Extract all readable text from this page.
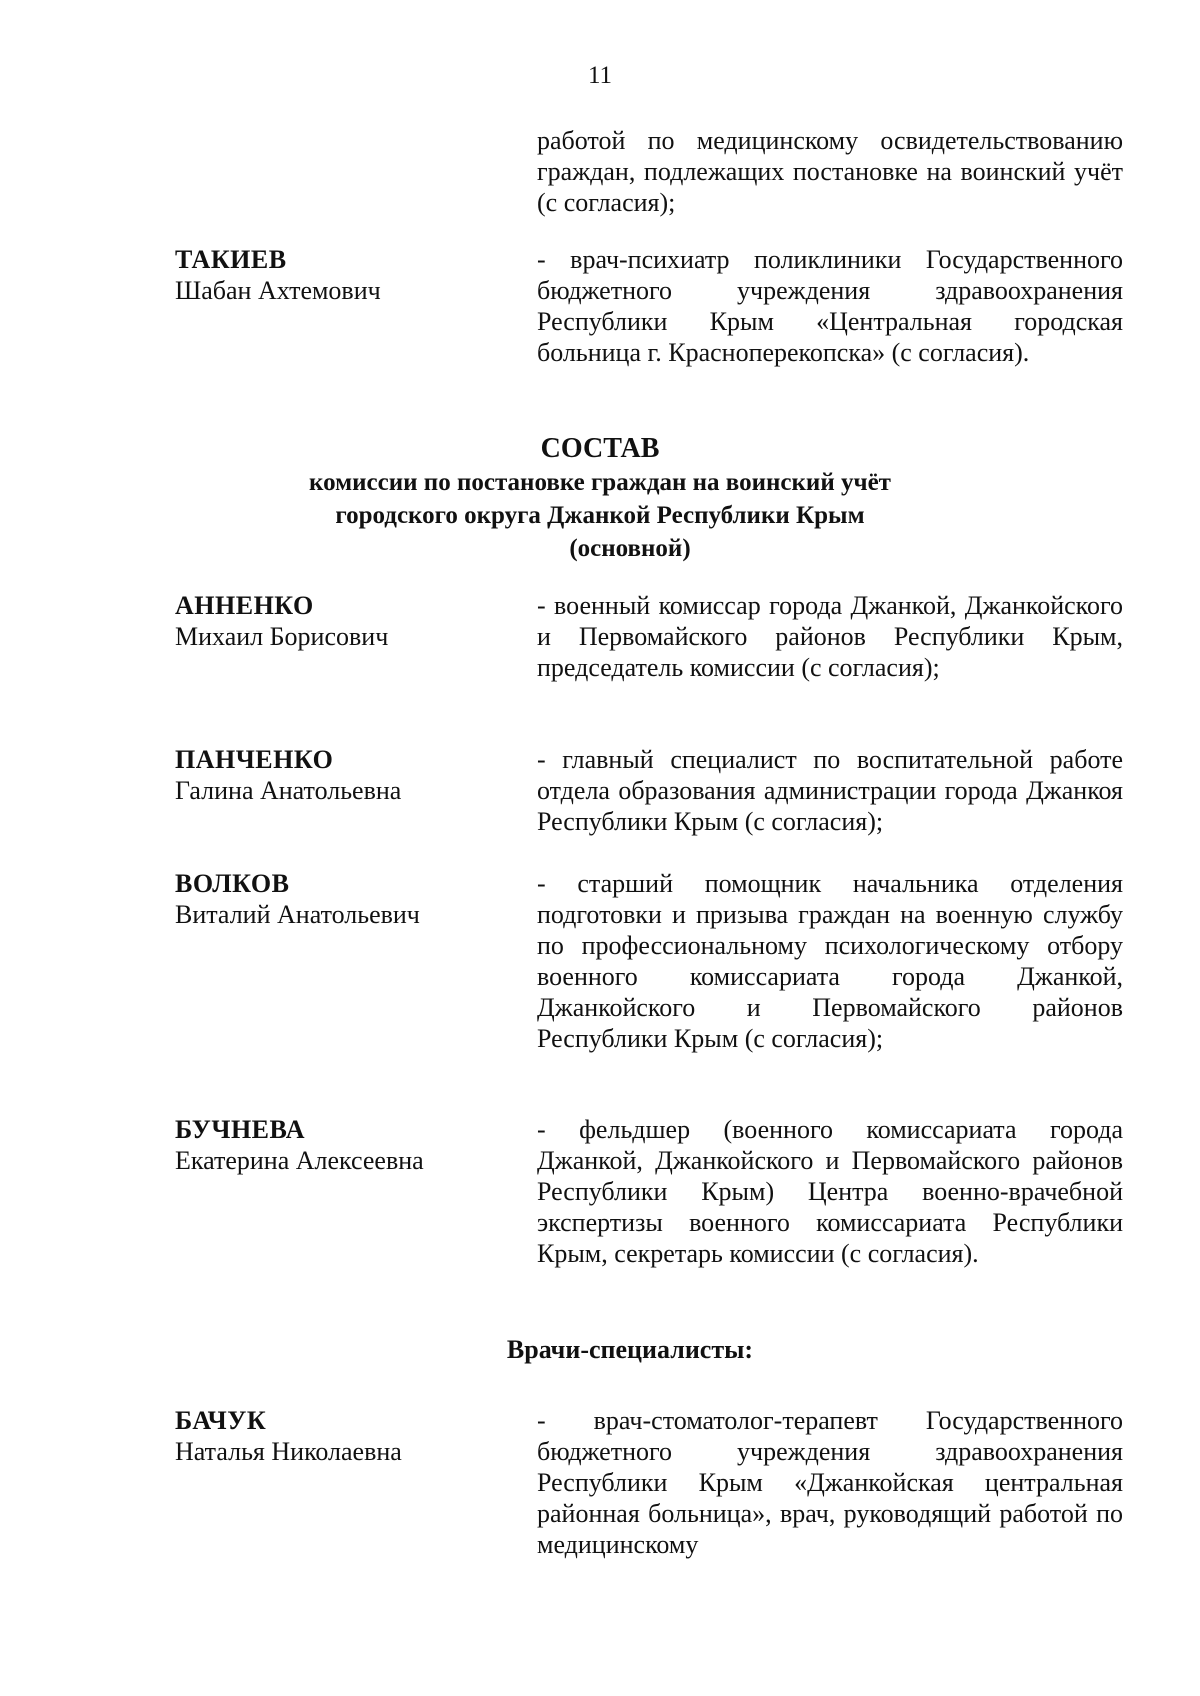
11
работой по медицинскому освидетельствованию граждан, подлежащих постановке на воинский учёт (с согласия);
ТАКИЕВ
Шабан Ахтемович
- врач-психиатр поликлиники Государственного бюджетного учреждения здравоохранения Республики Крым «Центральная городская больница г. Красноперекопска» (с согласия).
СОСТАВ
комиссии по постановке граждан на воинский учёт
городского округа Джанкой Республики Крым
(основной)
АННЕНКО
Михаил Борисович
- военный комиссар города Джанкой, Джанкойского и Первомайского районов Республики Крым, председатель комиссии (с согласия);
ПАНЧЕНКО
Галина Анатольевна
- главный специалист по воспитательной работе отдела образования администрации города Джанкоя Республики Крым (с согласия);
ВОЛКОВ
Виталий Анатольевич
- старший помощник начальника отделения подготовки и призыва граждан на военную службу по профессиональному психологическому отбору военного комиссариата города Джанкой, Джанкойского и Первомайского районов Республики Крым (с согласия);
БУЧНЕВА
Екатерина Алексеевна
- фельдшер (военного комиссариата города Джанкой, Джанкойского и Первомайского районов Республики Крым) Центра военно-врачебной экспертизы военного комиссариата Республики Крым, секретарь комиссии (с согласия).
Врачи-специалисты:
БАЧУК
Наталья Николаевна
- врач-стоматолог-терапевт Государственного бюджетного учреждения здравоохранения Республики Крым «Джанкойская центральная районная больница», врач, руководящий работой по медицинскому
